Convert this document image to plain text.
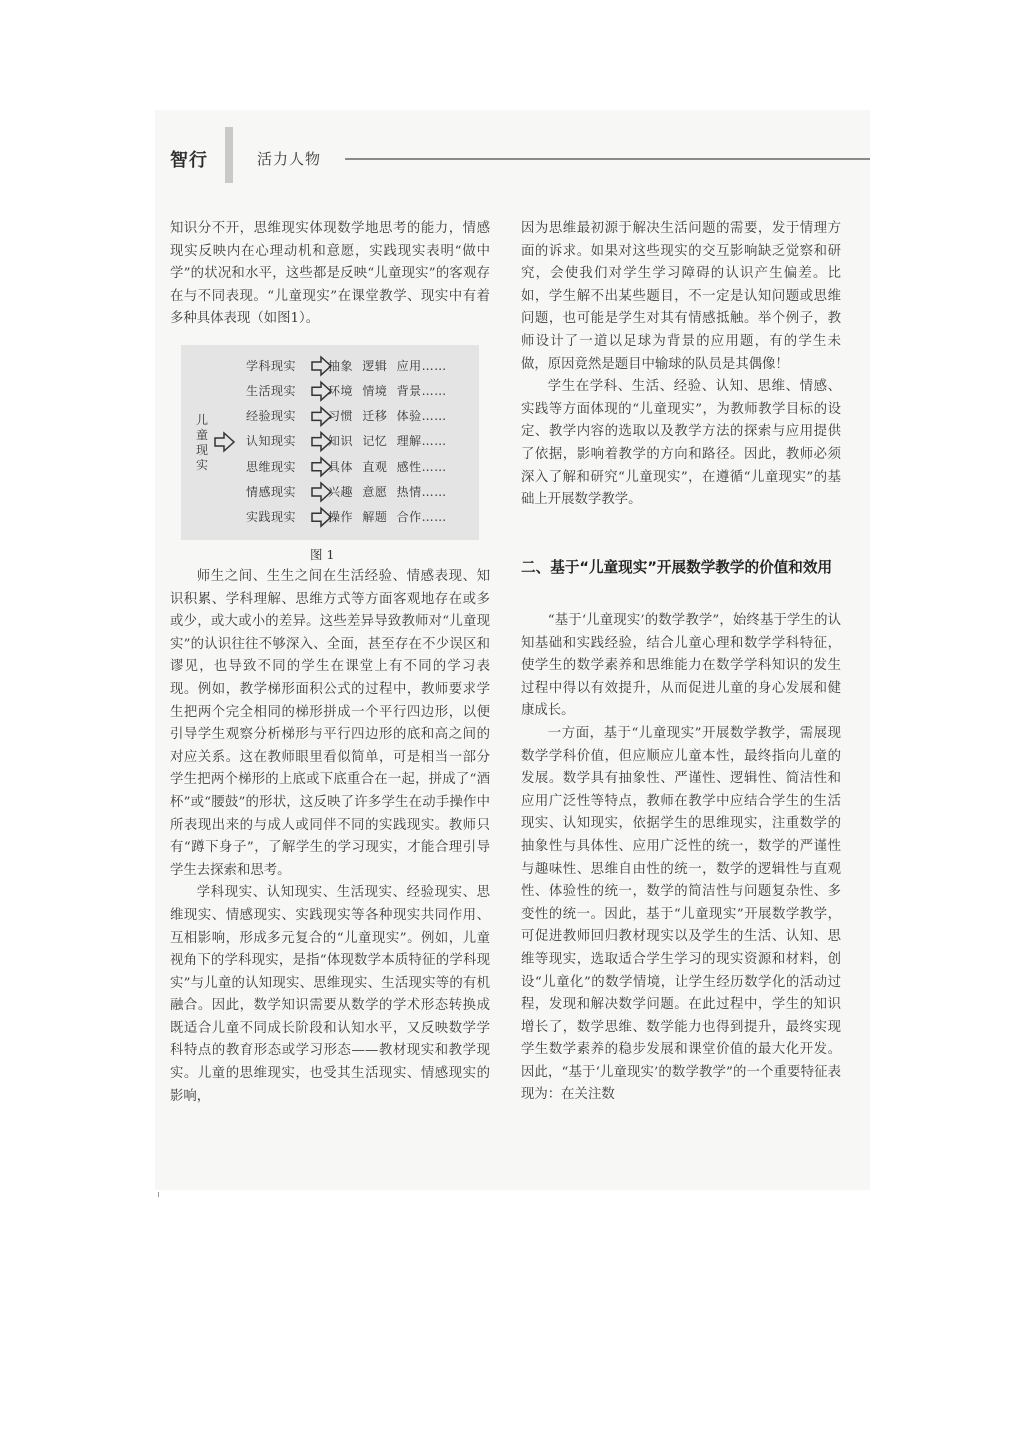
智行	活力人物

知识分不开，思维现实体现数学地思考的能力，情感现实反映内在心理动机和意愿，实践现实表明“做中学”的状况和水平，这些都是反映“儿童现实”的客观存在与不同表现。“儿童现实”在课堂教学、现实中有着多种具体表现（如图1）。

儿童现实
学科现实	抽象 逻辑 应用……
生活现实	环境 情境 背景……
经验现实	习惯 迁移 体验……
认知现实	知识 记忆 理解……
思维现实	具体 直观 感性……
情感现实	兴趣 意愿 热情……
实践现实	操作 解题 合作……
图 1

师生之间、生生之间在生活经验、情感表现、知识积累、学科理解、思维方式等方面客观地存在或多或少，或大或小的差异。这些差异导致教师对“儿童现实”的认识往往不够深入、全面，甚至存在不少误区和谬见，也导致不同的学生在课堂上有不同的学习表现。例如，教学梯形面积公式的过程中，教师要求学生把两个完全相同的梯形拼成一个平行四边形，以便引导学生观察分析梯形与平行四边形的底和高之间的对应关系。这在教师眼里看似简单，可是相当一部分学生把两个梯形的上底或下底重合在一起，拼成了“酒杯”或“腰鼓”的形状，这反映了许多学生在动手操作中所表现出来的与成人或同伴不同的实践现实。教师只有“蹲下身子”，了解学生的学习现实，才能合理引导学生去探索和思考。

学科现实、认知现实、生活现实、经验现实、思维现实、情感现实、实践现实等各种现实共同作用、互相影响，形成多元复合的“儿童现实”。例如，儿童视角下的学科现实，是指“体现数学本质特征的学科现实”与儿童的认知现实、思维现实、生活现实等的有机融合。因此，数学知识需要从数学的学术形态转换成既适合儿童不同成长阶段和认知水平，又反映数学学科特点的教育形态或学习形态——教材现实和教学现实。儿童的思维现实，也受其生活现实、情感现实的影响，

因为思维最初源于解决生活问题的需要，发于情理方面的诉求。如果对这些现实的交互影响缺乏觉察和研究，会使我们对学生学习障碍的认识产生偏差。比如，学生解不出某些题目，不一定是认知问题或思维问题，也可能是学生对其有情感抵触。举个例子，教师设计了一道以足球为背景的应用题，有的学生未做，原因竟然是题目中输球的队员是其偶像！

学生在学科、生活、经验、认知、思维、情感、实践等方面体现的“儿童现实”，为教师教学目标的设定、教学内容的选取以及教学方法的探索与应用提供了依据，影响着教学的方向和路径。因此，教师必须深入了解和研究“儿童现实”，在遵循“儿童现实”的基础上开展数学教学。

二、基于“儿童现实”开展数学教学的价值和效用

“基于‘儿童现实’的数学教学”，始终基于学生的认知基础和实践经验，结合儿童心理和数学学科特征，使学生的数学素养和思维能力在数学学科知识的发生过程中得以有效提升，从而促进儿童的身心发展和健康成长。

一方面，基于“儿童现实”开展数学教学，需展现数学学科价值，但应顺应儿童本性，最终指向儿童的发展。数学具有抽象性、严谨性、逻辑性、简洁性和应用广泛性等特点，教师在教学中应结合学生的生活现实、认知现实，依据学生的思维现实，注重数学的抽象性与具体性、应用广泛性的统一，数学的严谨性与趣味性、思维自由性的统一，数学的逻辑性与直观性、体验性的统一，数学的简洁性与问题复杂性、多变性的统一。因此，基于“儿童现实”开展数学教学，可促进教师回归教材现实以及学生的生活、认知、思维等现实，选取适合学生学习的现实资源和材料，创设“儿童化”的数学情境，让学生经历数学化的活动过程，发现和解决数学问题。在此过程中，学生的知识增长了，数学思维、数学能力也得到提升，最终实现学生数学素养的稳步发展和课堂价值的最大化开发。因此，“基于‘儿童现实’的数学教学”的一个重要特征表现为：在关注数
